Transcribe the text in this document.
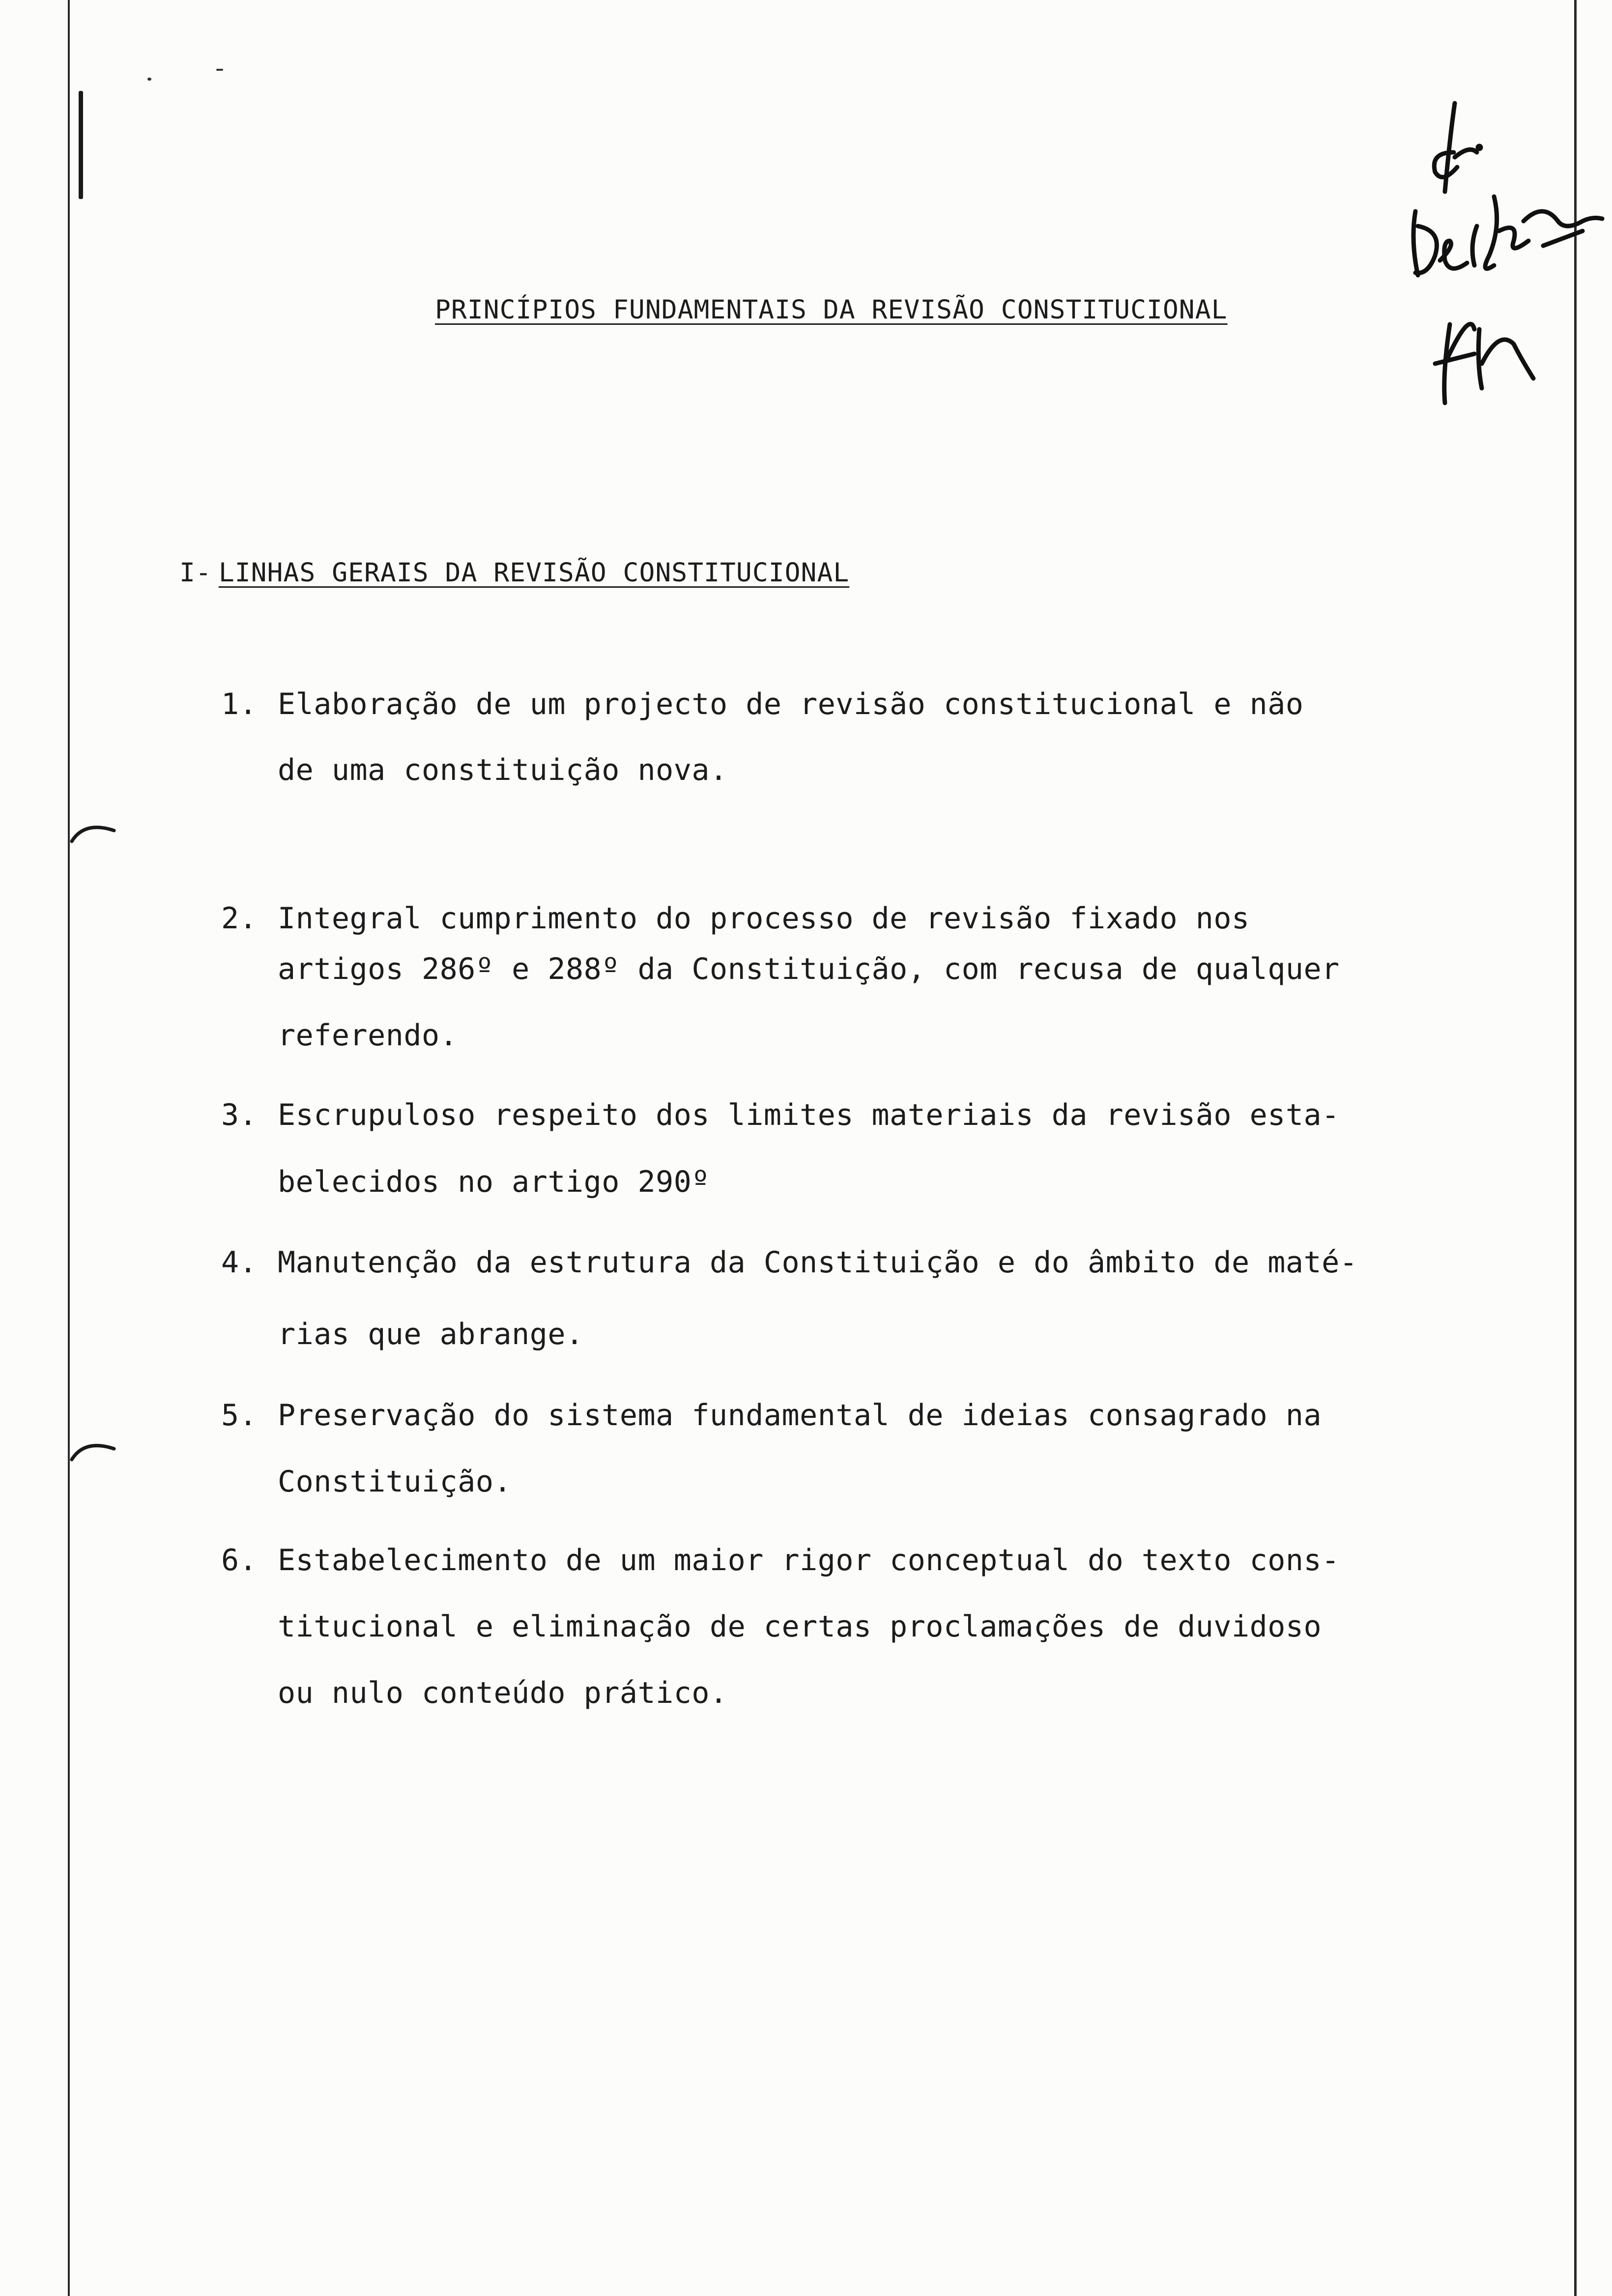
PRINCÍPIOS FUNDAMENTAIS DA REVISÃO CONSTITUCIONAL
I- LINHAS GERAIS DA REVISÃO CONSTITUCIONAL
1. Elaboração de um projecto de revisão constitucional e não
de uma constituição nova.
2. Integral cumprimento do processo de revisão fixado nos
artigos 286º e 288º da Constituição, com recusa de qualquer
referendo.
3. Escrupuloso respeito dos limites materiais da revisão esta-
belecidos no artigo 290º
4. Manutenção da estrutura da Constituição e do âmbito de maté-
rias que abrange.
5. Preservação do sistema fundamental de ideias consagrado na
Constituição.
6. Estabelecimento de um maior rigor conceptual do texto cons-
titucional e eliminação de certas proclamações de duvidoso
ou nulo conteúdo prático.
